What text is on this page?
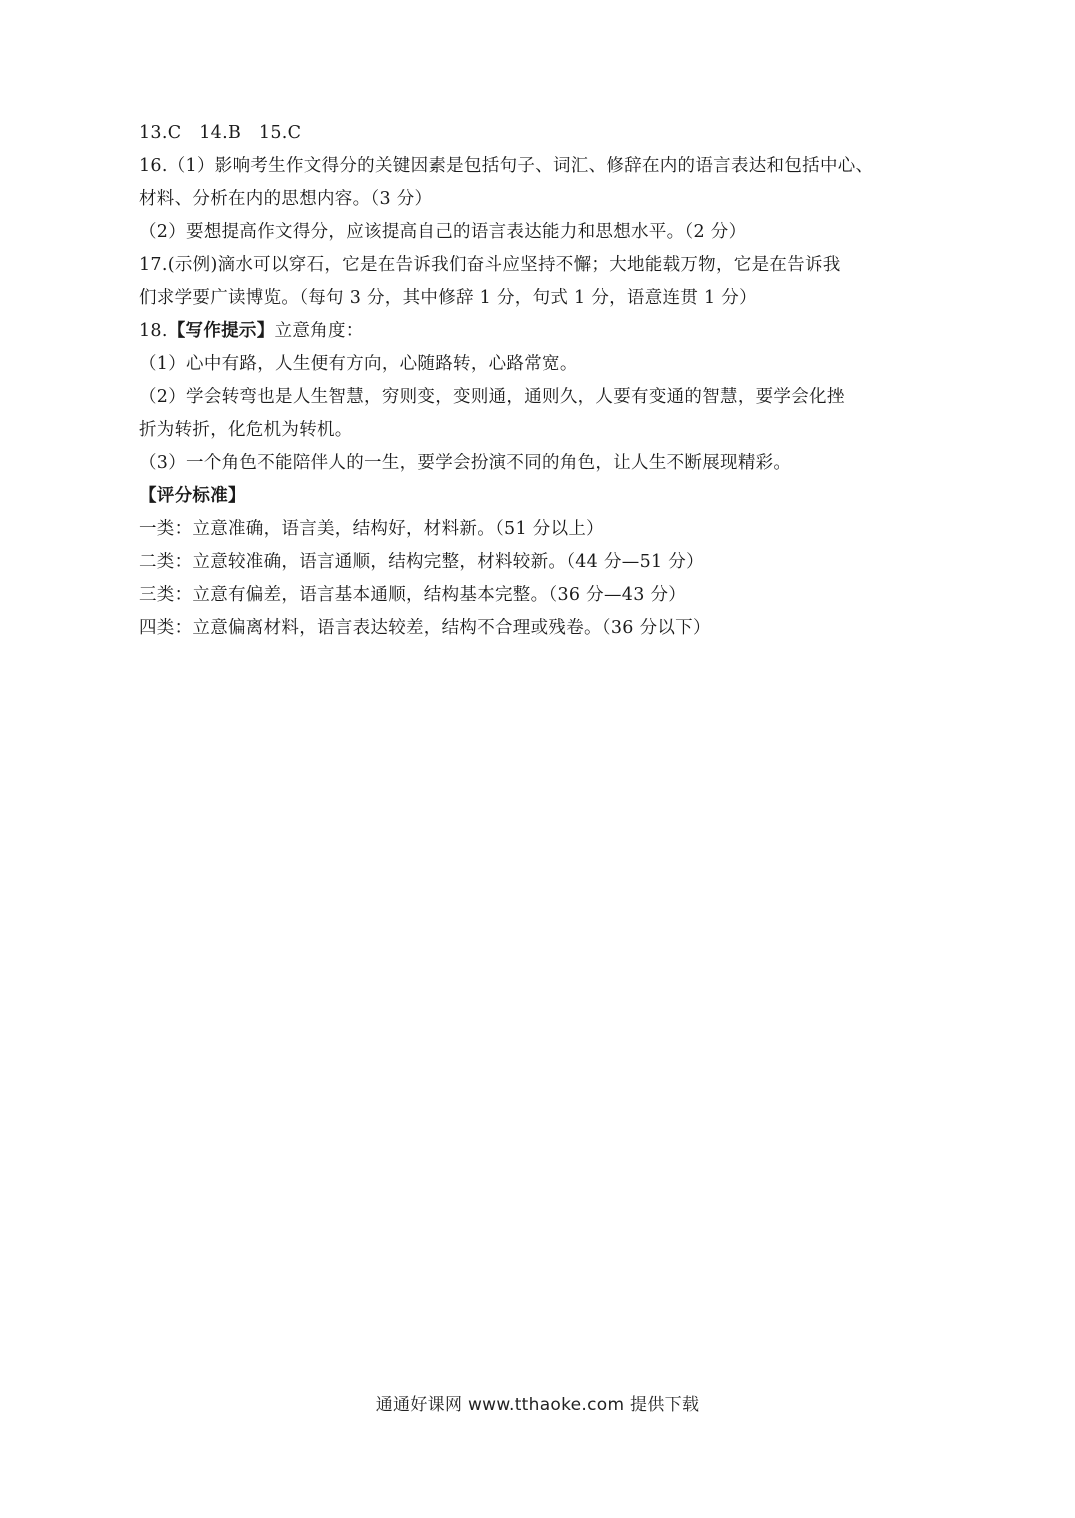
13.C　14.B　15.C
16.（1）影响考生作文得分的关键因素是包括句子、词汇、修辞在内的语言表达和包括中心、
材料、分析在内的思想内容。（3 分）
（2）要想提高作文得分，应该提高自己的语言表达能力和思想水平。（2 分）
17.(示例)滴水可以穿石，它是在告诉我们奋斗应坚持不懈；大地能载万物，它是在告诉我
们求学要广读博览。（每句 3 分，其中修辞 1 分，句式 1 分，语意连贯 1 分）
18.【写作提示】立意角度：
（1）心中有路，人生便有方向，心随路转，心路常宽。
（2）学会转弯也是人生智慧，穷则变，变则通，通则久，人要有变通的智慧，要学会化挫
折为转折，化危机为转机。
（3）一个角色不能陪伴人的一生，要学会扮演不同的角色，让人生不断展现精彩。
【评分标准】
一类：立意准确，语言美，结构好，材料新。（51 分以上）
二类：立意较准确，语言通顺，结构完整，材料较新。（44 分—51 分）
三类：立意有偏差，语言基本通顺，结构基本完整。（36 分—43 分）
四类：立意偏离材料，语言表达较差，结构不合理或残卷。（36 分以下）
通通好课网 www.tthaoke.com 提供下载
